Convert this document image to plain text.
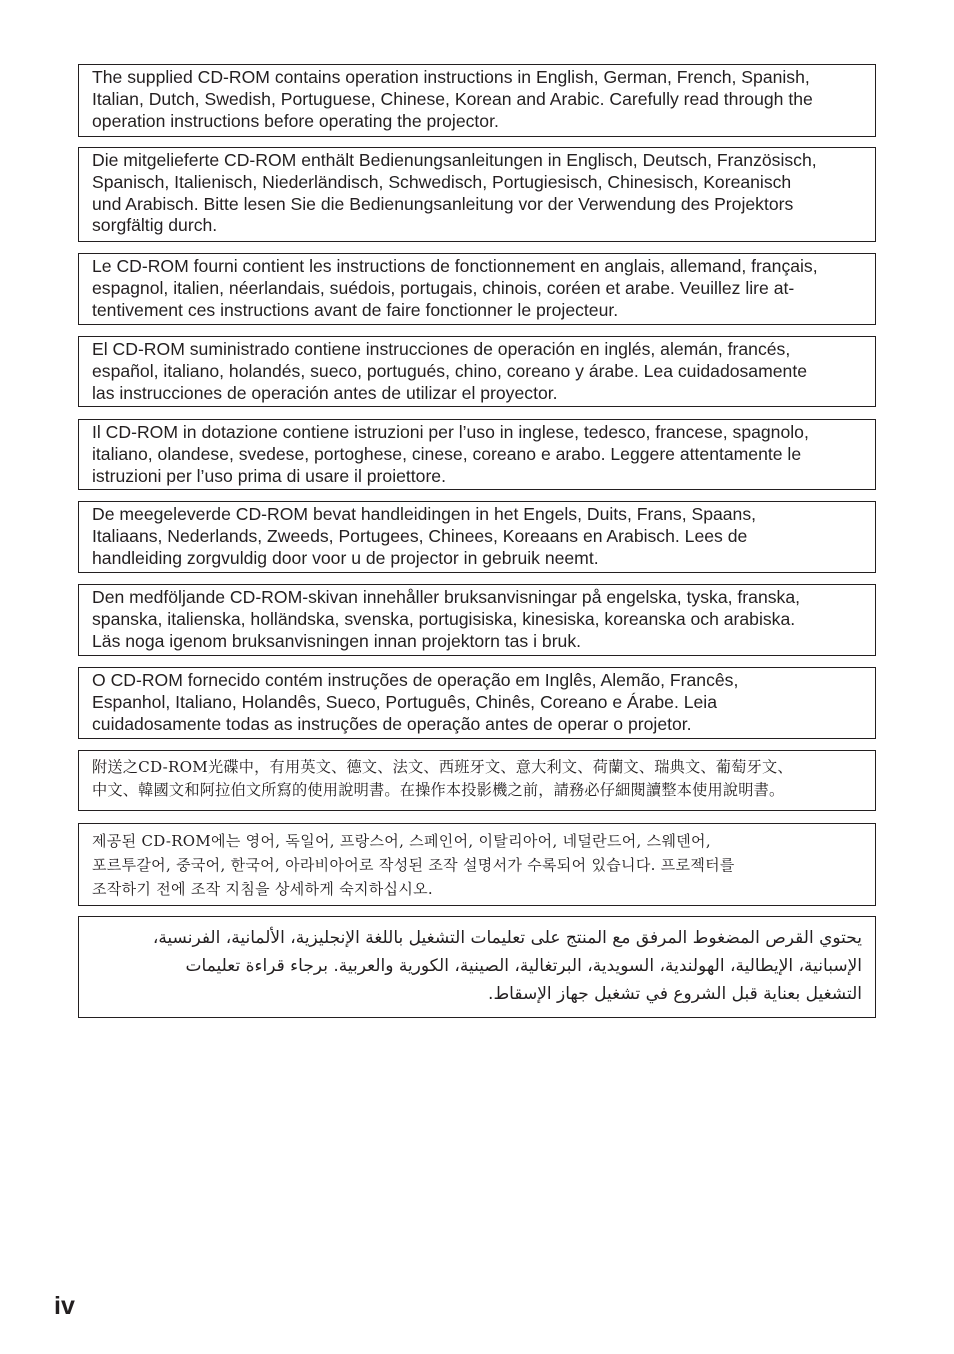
The supplied CD-ROM contains operation instructions in English, German, French, Spanish,

Italian, Dutch, Swedish, Portuguese, Chinese, Korean and Arabic. Carefully read through the

operation instructions before operating the projector.

Die mitgelieferte CD-ROM enthält Bedienungsanleitungen in Englisch, Deutsch, Französisch,

Spanisch, Italienisch, Niederländisch, Schwedisch, Portugiesisch, Chinesisch, Koreanisch

und Arabisch. Bitte lesen Sie die Bedienungsanleitung vor der Verwendung des Projektors

sorgfältig durch.

Le CD-ROM fourni contient les instructions de fonctionnement en anglais, allemand, français,

espagnol, italien, néerlandais, suédois, portugais, chinois, coréen et arabe. Veuillez lire at-

tentivement ces instructions avant de faire fonctionner le projecteur.

El CD-ROM suministrado contiene instrucciones de operación en inglés, alemán, francés,

español, italiano, holandés, sueco, portugués, chino, coreano y árabe. Lea cuidadosamente

las instrucciones de operación antes de utilizar el proyector.

Il CD-ROM in dotazione contiene istruzioni per l’uso in inglese, tedesco, francese, spagnolo,

italiano, olandese, svedese, portoghese, cinese, coreano e arabo. Leggere attentamente le

istruzioni per l’uso prima di usare il proiettore.

De meegeleverde CD-ROM bevat handleidingen in het Engels, Duits, Frans, Spaans,

Italiaans, Nederlands, Zweeds, Portugees, Chinees, Koreaans en Arabisch. Lees de

handleiding zorgvuldig door voor u de projector in gebruik neemt.

Den medföljande CD-ROM-skivan innehåller bruksanvisningar på engelska, tyska, franska,

spanska, italienska, holländska, svenska, portugisiska, kinesiska, koreanska och arabiska.

Läs noga igenom bruksanvisningen innan projektorn tas i bruk.

O CD-ROM fornecido contém instruções de operação em Inglês, Alemão, Francês,

Espanhol, Italiano, Holandês, Sueco, Português, Chinês, Coreano e Árabe. Leia

cuidadosamente todas as instruções de operação antes de operar o projetor.

附送之CD-ROM光碟中，有用英文、德文、法文、西班牙文、意大利文、荷蘭文、瑞典文、葡萄牙文、

中文、韓國文和阿拉伯文所寫的使用說明書。在操作本投影機之前，請務必仔細閱讀整本使用說明書。

제공된 CD-ROM에는 영어, 독일어, 프랑스어, 스페인어, 이탈리아어, 네덜란드어, 스웨덴어,

포르투갈어, 중국어, 한국어, 아라비아어로 작성된 조작 설명서가 수록되어 있습니다. 프로젝터를

조작하기 전에 조작 지침을 상세하게 숙지하십시오.

يحتوي القرص المضغوط المرفق مع المنتج على تعليمات التشغيل باللغة الإنجليزية، الألمانية، الفرنسية،

الإسبانية، الإيطالية، الهولندية، السويدية، البرتغالية، الصينية، الكورية والعربية. برجاء قراءة تعليمات

التشغيل بعناية قبل الشروع في تشغيل جهاز الإسقاط.

iv
